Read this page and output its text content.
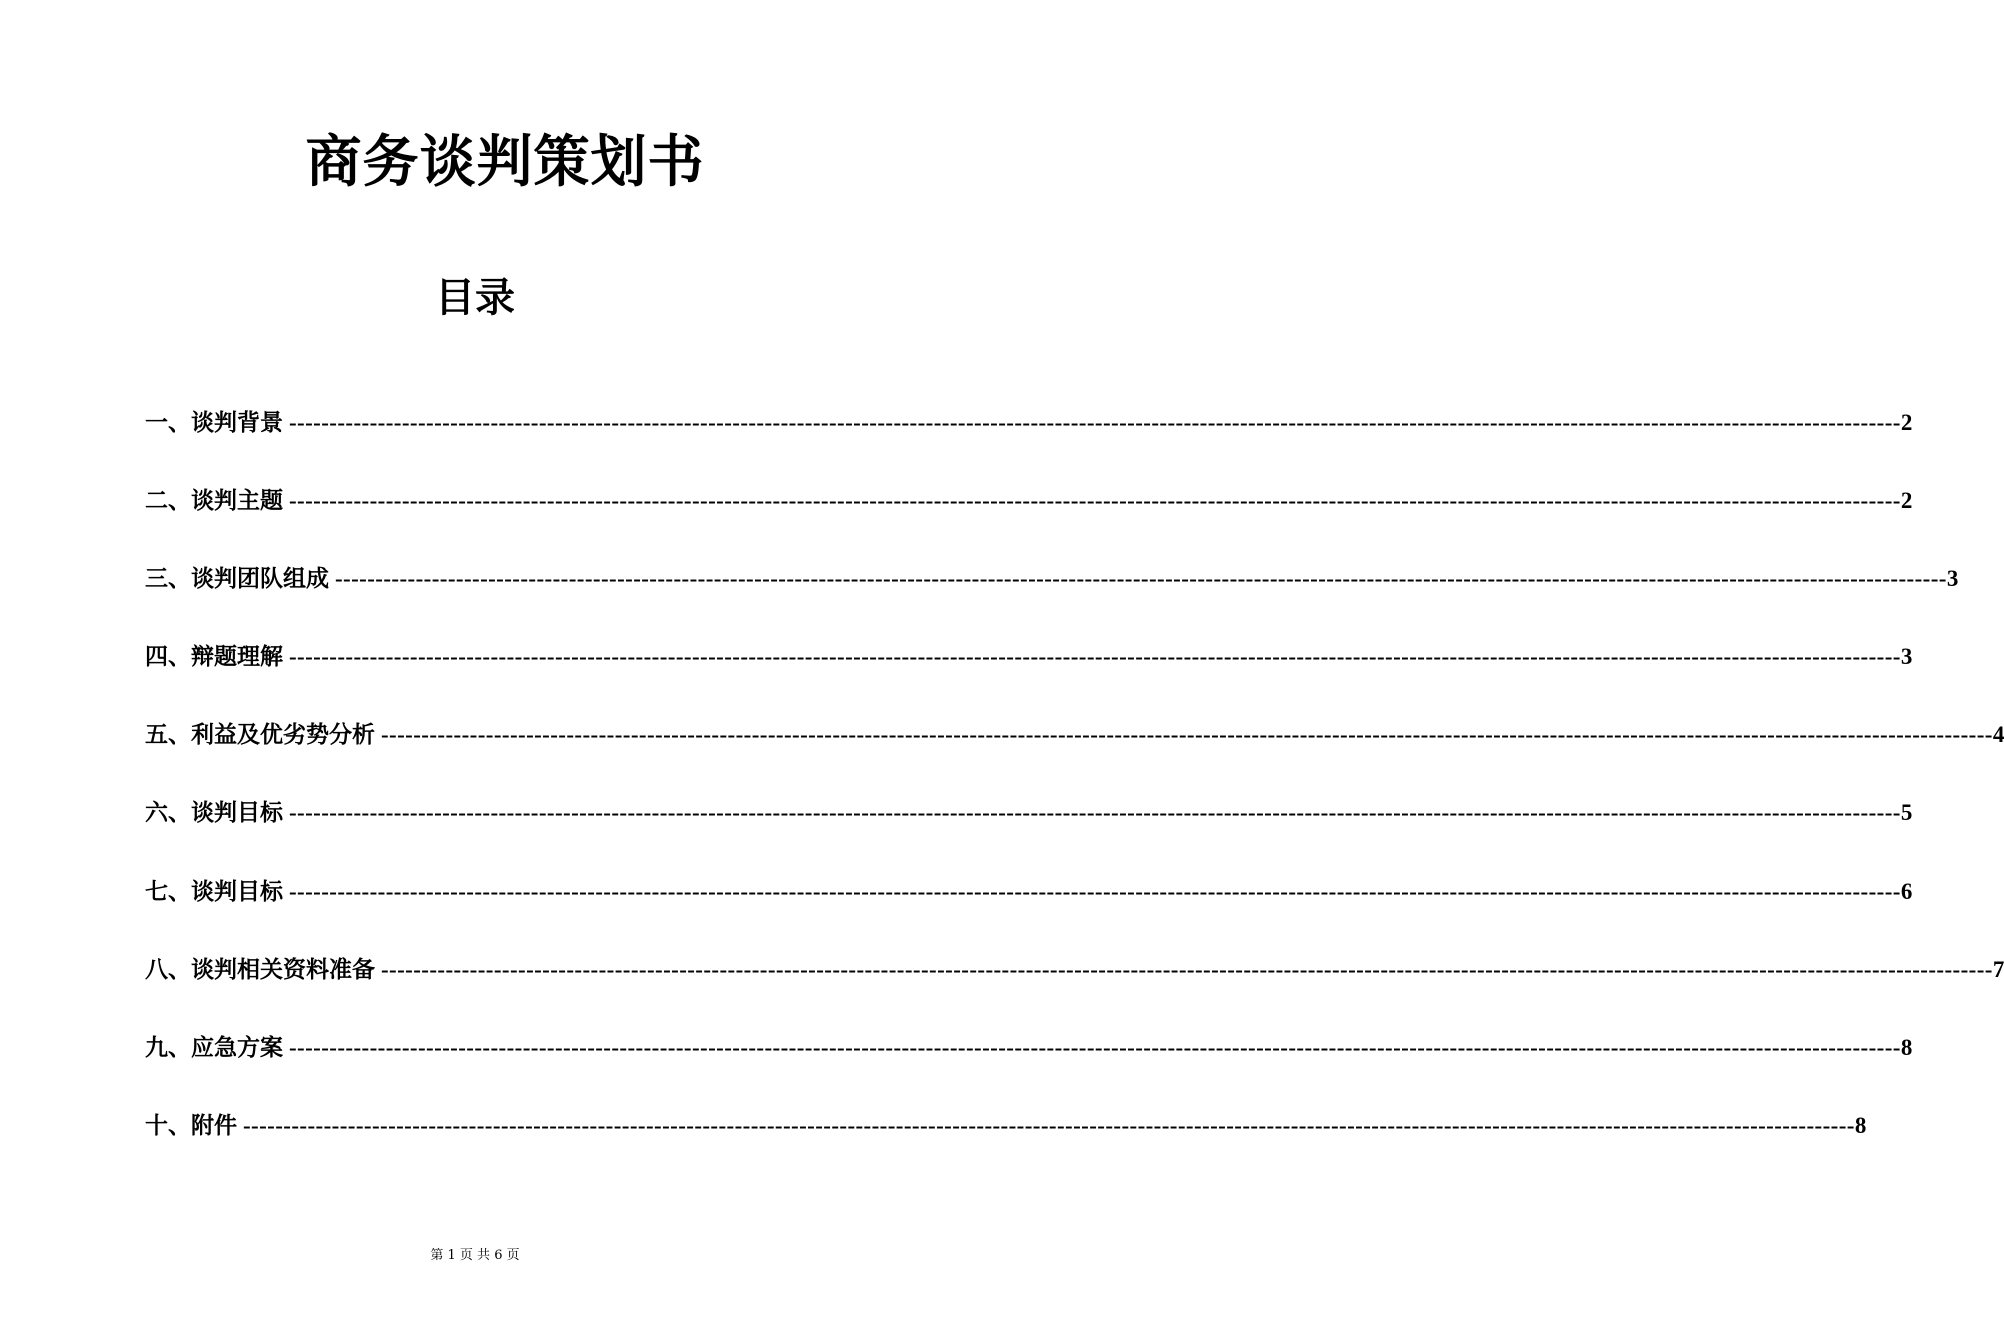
商务谈判策划书
目录
一、谈判背景 -------------------------------------------------------------------------------------------------------------------------------------------------------------------------------------------------------- 2
二、谈判主题 -------------------------------------------------------------------------------------------------------------------------------------------------------------------------------------------------------- 2
三、谈判团队组成 -------------------------------------------------------------------------------------------------------------------------------------------------------------------------------------------------------- 3
四、辩题理解 -------------------------------------------------------------------------------------------------------------------------------------------------------------------------------------------------------- 3
五、利益及优劣势分析 -------------------------------------------------------------------------------------------------------------------------------------------------------------------------------------------------------- 4
六、谈判目标 -------------------------------------------------------------------------------------------------------------------------------------------------------------------------------------------------------- 5
七、谈判目标 -------------------------------------------------------------------------------------------------------------------------------------------------------------------------------------------------------- 6
八、谈判相关资料准备 -------------------------------------------------------------------------------------------------------------------------------------------------------------------------------------------------------- 7
九、应急方案 -------------------------------------------------------------------------------------------------------------------------------------------------------------------------------------------------------- 8
十、附件 -------------------------------------------------------------------------------------------------------------------------------------------------------------------------------------------------------- 8
第 1 页 共 6 页
